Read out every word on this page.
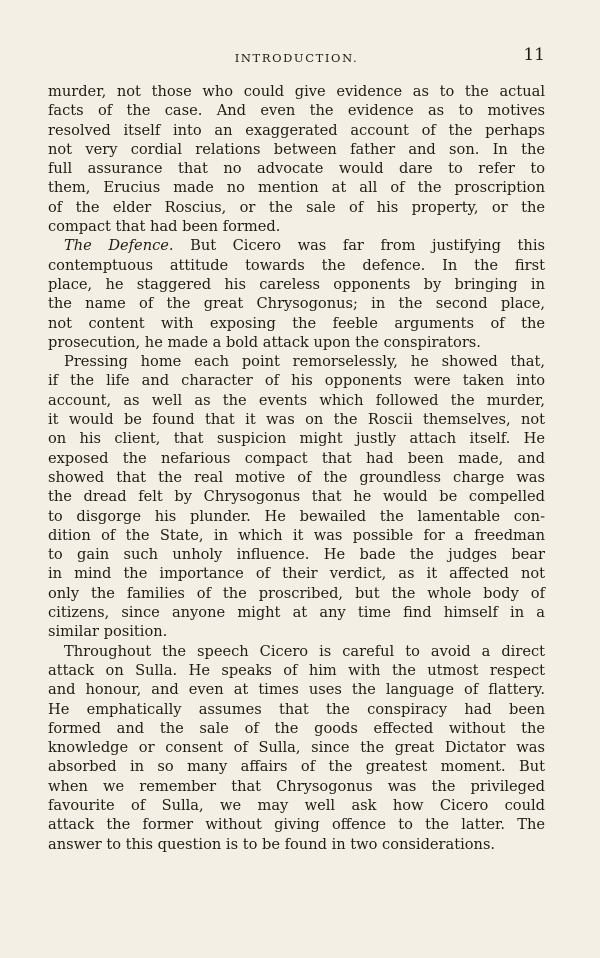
INTRODUCTION.	11
murder, not those who could give evidence as to the actual
facts of the case. And even the evidence as to motives
resolved itself into an exaggerated account of the perhaps
not very cordial relations between father and son. In the
full assurance that no advocate would dare to refer to
them, Erucius made no mention at all of the proscription
of the elder Roscius, or the sale of his property, or the
compact that had been formed.
The Defence. But Cicero was far from justifying this
contemptuous attitude towards the defence. In the first
place, he staggered his careless opponents by bringing in
the name of the great Chrysogonus; in the second place,
not content with exposing the feeble arguments of the
prosecution, he made a bold attack upon the conspirators.
Pressing home each point remorselessly, he showed that,
if the life and character of his opponents were taken into
account, as well as the events which followed the murder,
it would be found that it was on the Roscii themselves, not
on his client, that suspicion might justly attach itself. He
exposed the nefarious compact that had been made, and
showed that the real motive of the groundless charge was
the dread felt by Chrysogonus that he would be compelled
to disgorge his plunder. He bewailed the lamentable con-
dition of the State, in which it was possible for a freedman
to gain such unholy influence. He bade the judges bear
in mind the importance of their verdict, as it affected not
only the families of the proscribed, but the whole body of
citizens, since anyone might at any time find himself in a
similar position.
Throughout the speech Cicero is careful to avoid a direct
attack on Sulla. He speaks of him with the utmost respect
and honour, and even at times uses the language of flattery.
He emphatically assumes that the conspiracy had been
formed and the sale of the goods effected without the
knowledge or consent of Sulla, since the great Dictator was
absorbed in so many affairs of the greatest moment. But
when we remember that Chrysogonus was the privileged
favourite of Sulla, we may well ask how Cicero could
attack the former without giving offence to the latter. The
answer to this question is to be found in two considerations.
